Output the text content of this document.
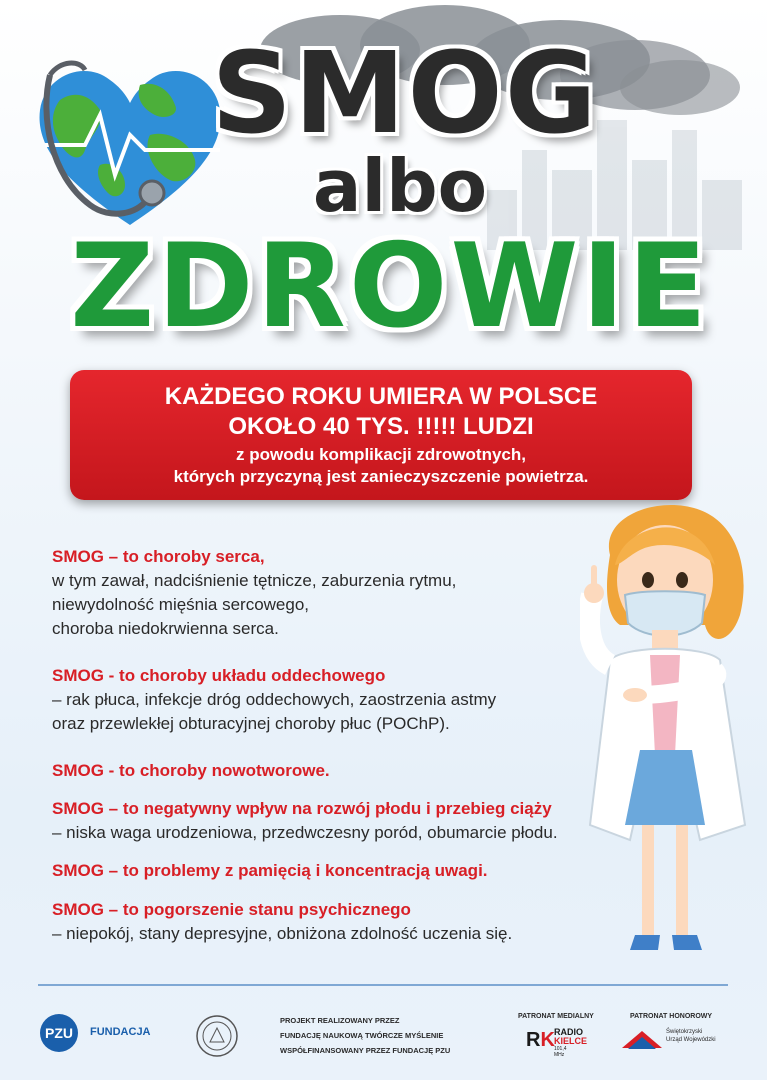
SMOG
albo
ZDROWIE
KAŻDEGO ROKU UMIERA W POLSCE
OKOŁO 40 TYS. !!!!! LUDZI
z powodu komplikacji zdrowotnych,
których przyczyną jest zanieczyszczenie powietrza.
SMOG – to choroby serca,
w tym zawał, nadciśnienie tętnicze, zaburzenia rytmu,
niewydolność mięśnia sercowego,
choroba niedokrwienna serca.
SMOG - to choroby układu oddechowego
– rak płuca, infekcje dróg oddechowych, zaostrzenia astmy
oraz przewlekłej obturacyjnej choroby płuc (POChP).
SMOG - to choroby nowotworowe.
SMOG – to negatywny wpływ na rozwój płodu i przebieg ciąży
– niska waga urodzeniowa, przedwczesny poród, obumarcie płodu.
SMOG – to problemy z pamięcią i koncentracją uwagi.
SMOG – to pogorszenie stanu psychicznego
– niepokój, stany depresyjne, obniżona zdolność uczenia się.
PZU	FUNDACJA
PROJEKT REALIZOWANY PRZEZ
FUNDACJĘ NAUKOWĄ TWÓRCZE MYŚLENIE
WSPÓŁFINANSOWANY PRZEZ FUNDACJĘ PZU
PATRONAT MEDIALNY
RK RADIO
KIELCE
101,4 MHz
PATRONAT HONOROWY
Świętokrzyski
Urząd Wojewódzki
